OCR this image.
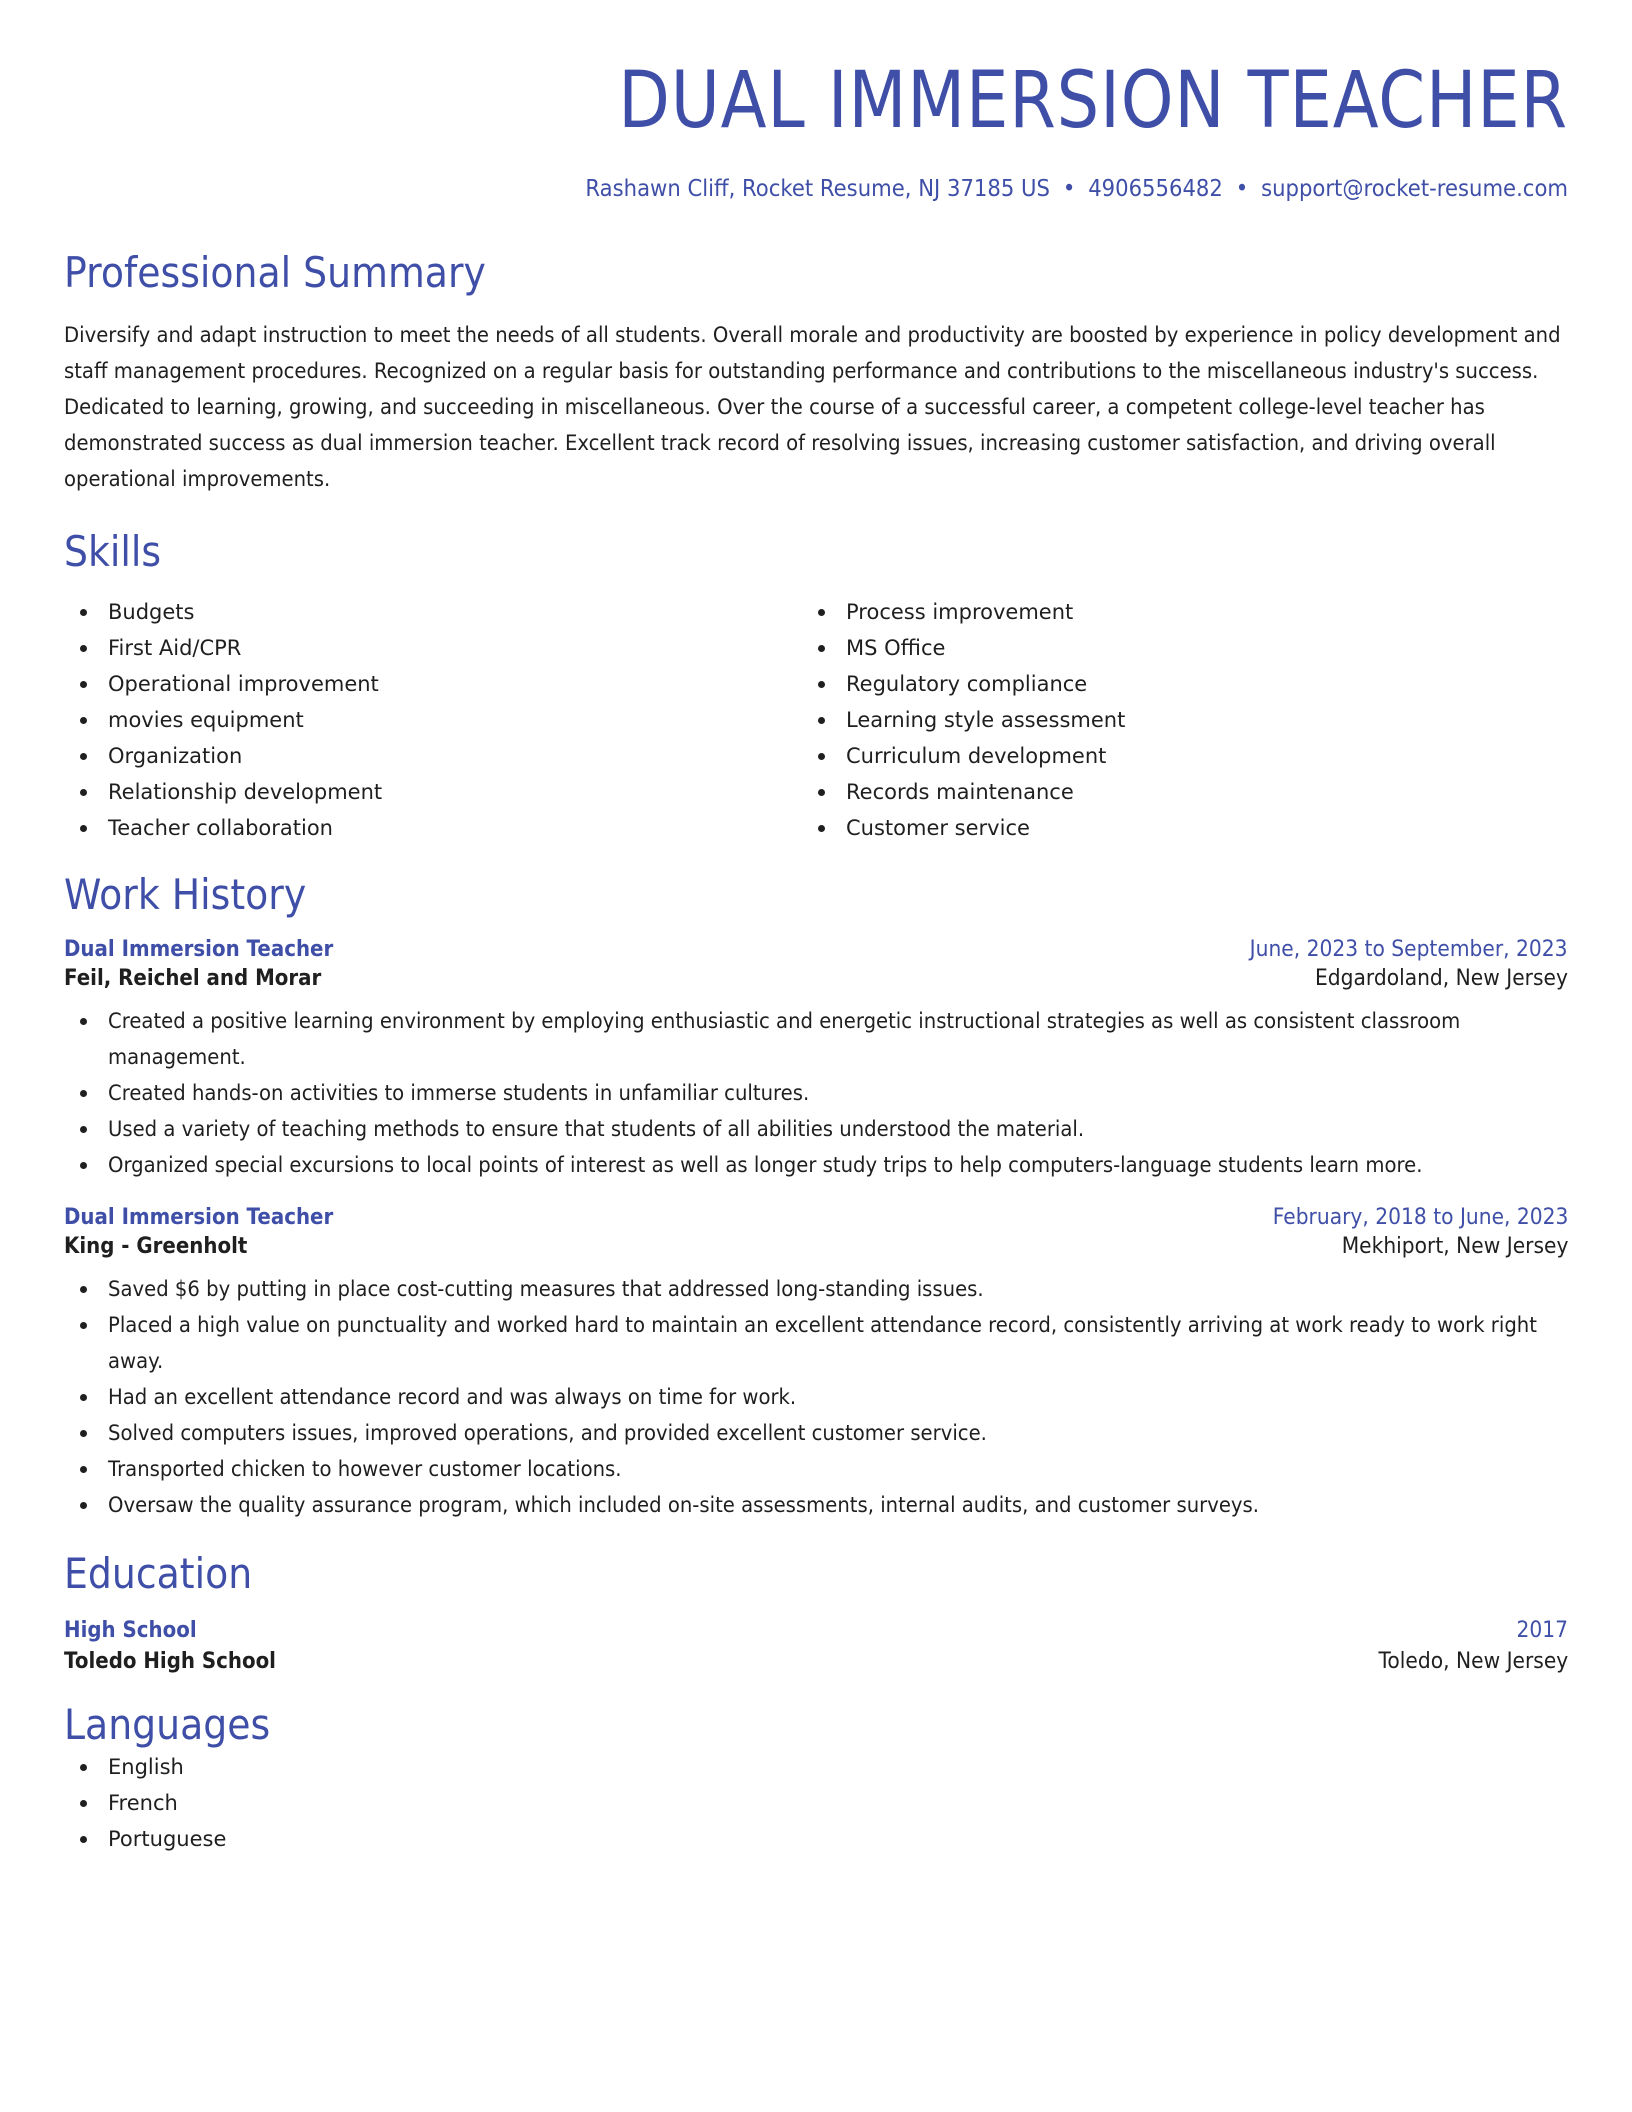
DUAL IMMERSION TEACHER
Rashawn Cliff, Rocket Resume, NJ 37185 US • 4906556482 • support@rocket-resume.com
Professional Summary
Diversify and adapt instruction to meet the needs of all students. Overall morale and productivity are boosted by experience in policy development and staff management procedures. Recognized on a regular basis for outstanding performance and contributions to the miscellaneous industry's success. Dedicated to learning, growing, and succeeding in miscellaneous. Over the course of a successful career, a competent college-level teacher has demonstrated success as dual immersion teacher. Excellent track record of resolving issues, increasing customer satisfaction, and driving overall operational improvements.
Skills
Budgets
First Aid/CPR
Operational improvement
movies equipment
Organization
Relationship development
Teacher collaboration
Process improvement
MS Office
Regulatory compliance
Learning style assessment
Curriculum development
Records maintenance
Customer service
Work History
Dual Immersion Teacher	June, 2023 to September, 2023
Feil, Reichel and Morar	Edgardoland, New Jersey
Created a positive learning environment by employing enthusiastic and energetic instructional strategies as well as consistent classroom management.
Created hands-on activities to immerse students in unfamiliar cultures.
Used a variety of teaching methods to ensure that students of all abilities understood the material.
Organized special excursions to local points of interest as well as longer study trips to help computers-language students learn more.
Dual Immersion Teacher	February, 2018 to June, 2023
King - Greenholt	Mekhiport, New Jersey
Saved $6 by putting in place cost-cutting measures that addressed long-standing issues.
Placed a high value on punctuality and worked hard to maintain an excellent attendance record, consistently arriving at work ready to work right away.
Had an excellent attendance record and was always on time for work.
Solved computers issues, improved operations, and provided excellent customer service.
Transported chicken to however customer locations.
Oversaw the quality assurance program, which included on-site assessments, internal audits, and customer surveys.
Education
High School	2017
Toledo High School	Toledo, New Jersey
Languages
English
French
Portuguese
